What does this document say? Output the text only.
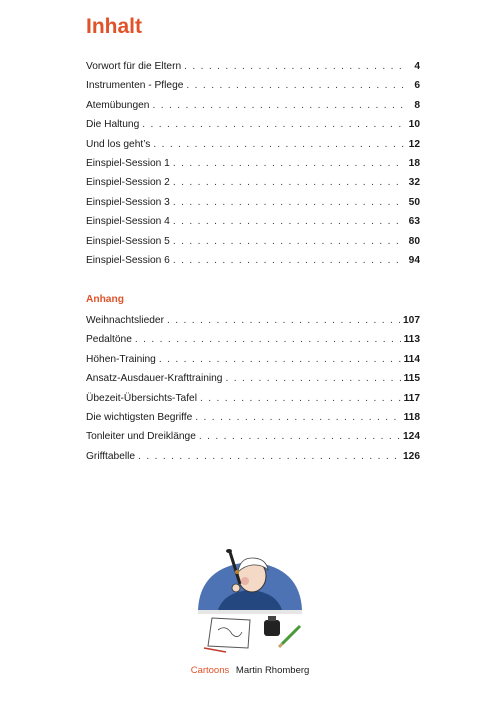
Inhalt
Vorwort für die Eltern . . .	4
Instrumenten - Pflege . . .	6
Atemübungen . . .	8
Die Haltung . . .	10
Und los geht’s . . .	12
Einspiel-Session 1 . . .	18
Einspiel-Session 2 . . .	32
Einspiel-Session 3 . . .	50
Einspiel-Session 4 . . .	63
Einspiel-Session 5 . . .	80
Einspiel-Session 6 . . .	94
Anhang
Weihnachtslieder . . .	107
Pedaltöne . . .	113
Höhen-Training . . .	114
Ansatz-Ausdauer-Krafttraining . . .	115
Übezeit-Übersichts-Tafel . . .	117
Die wichtigsten Begriffe . . .	118
Tonleiter und Dreiklänge . . .	124
Grifftabelle . . .	126
Cartoons Martin Rhomberg
